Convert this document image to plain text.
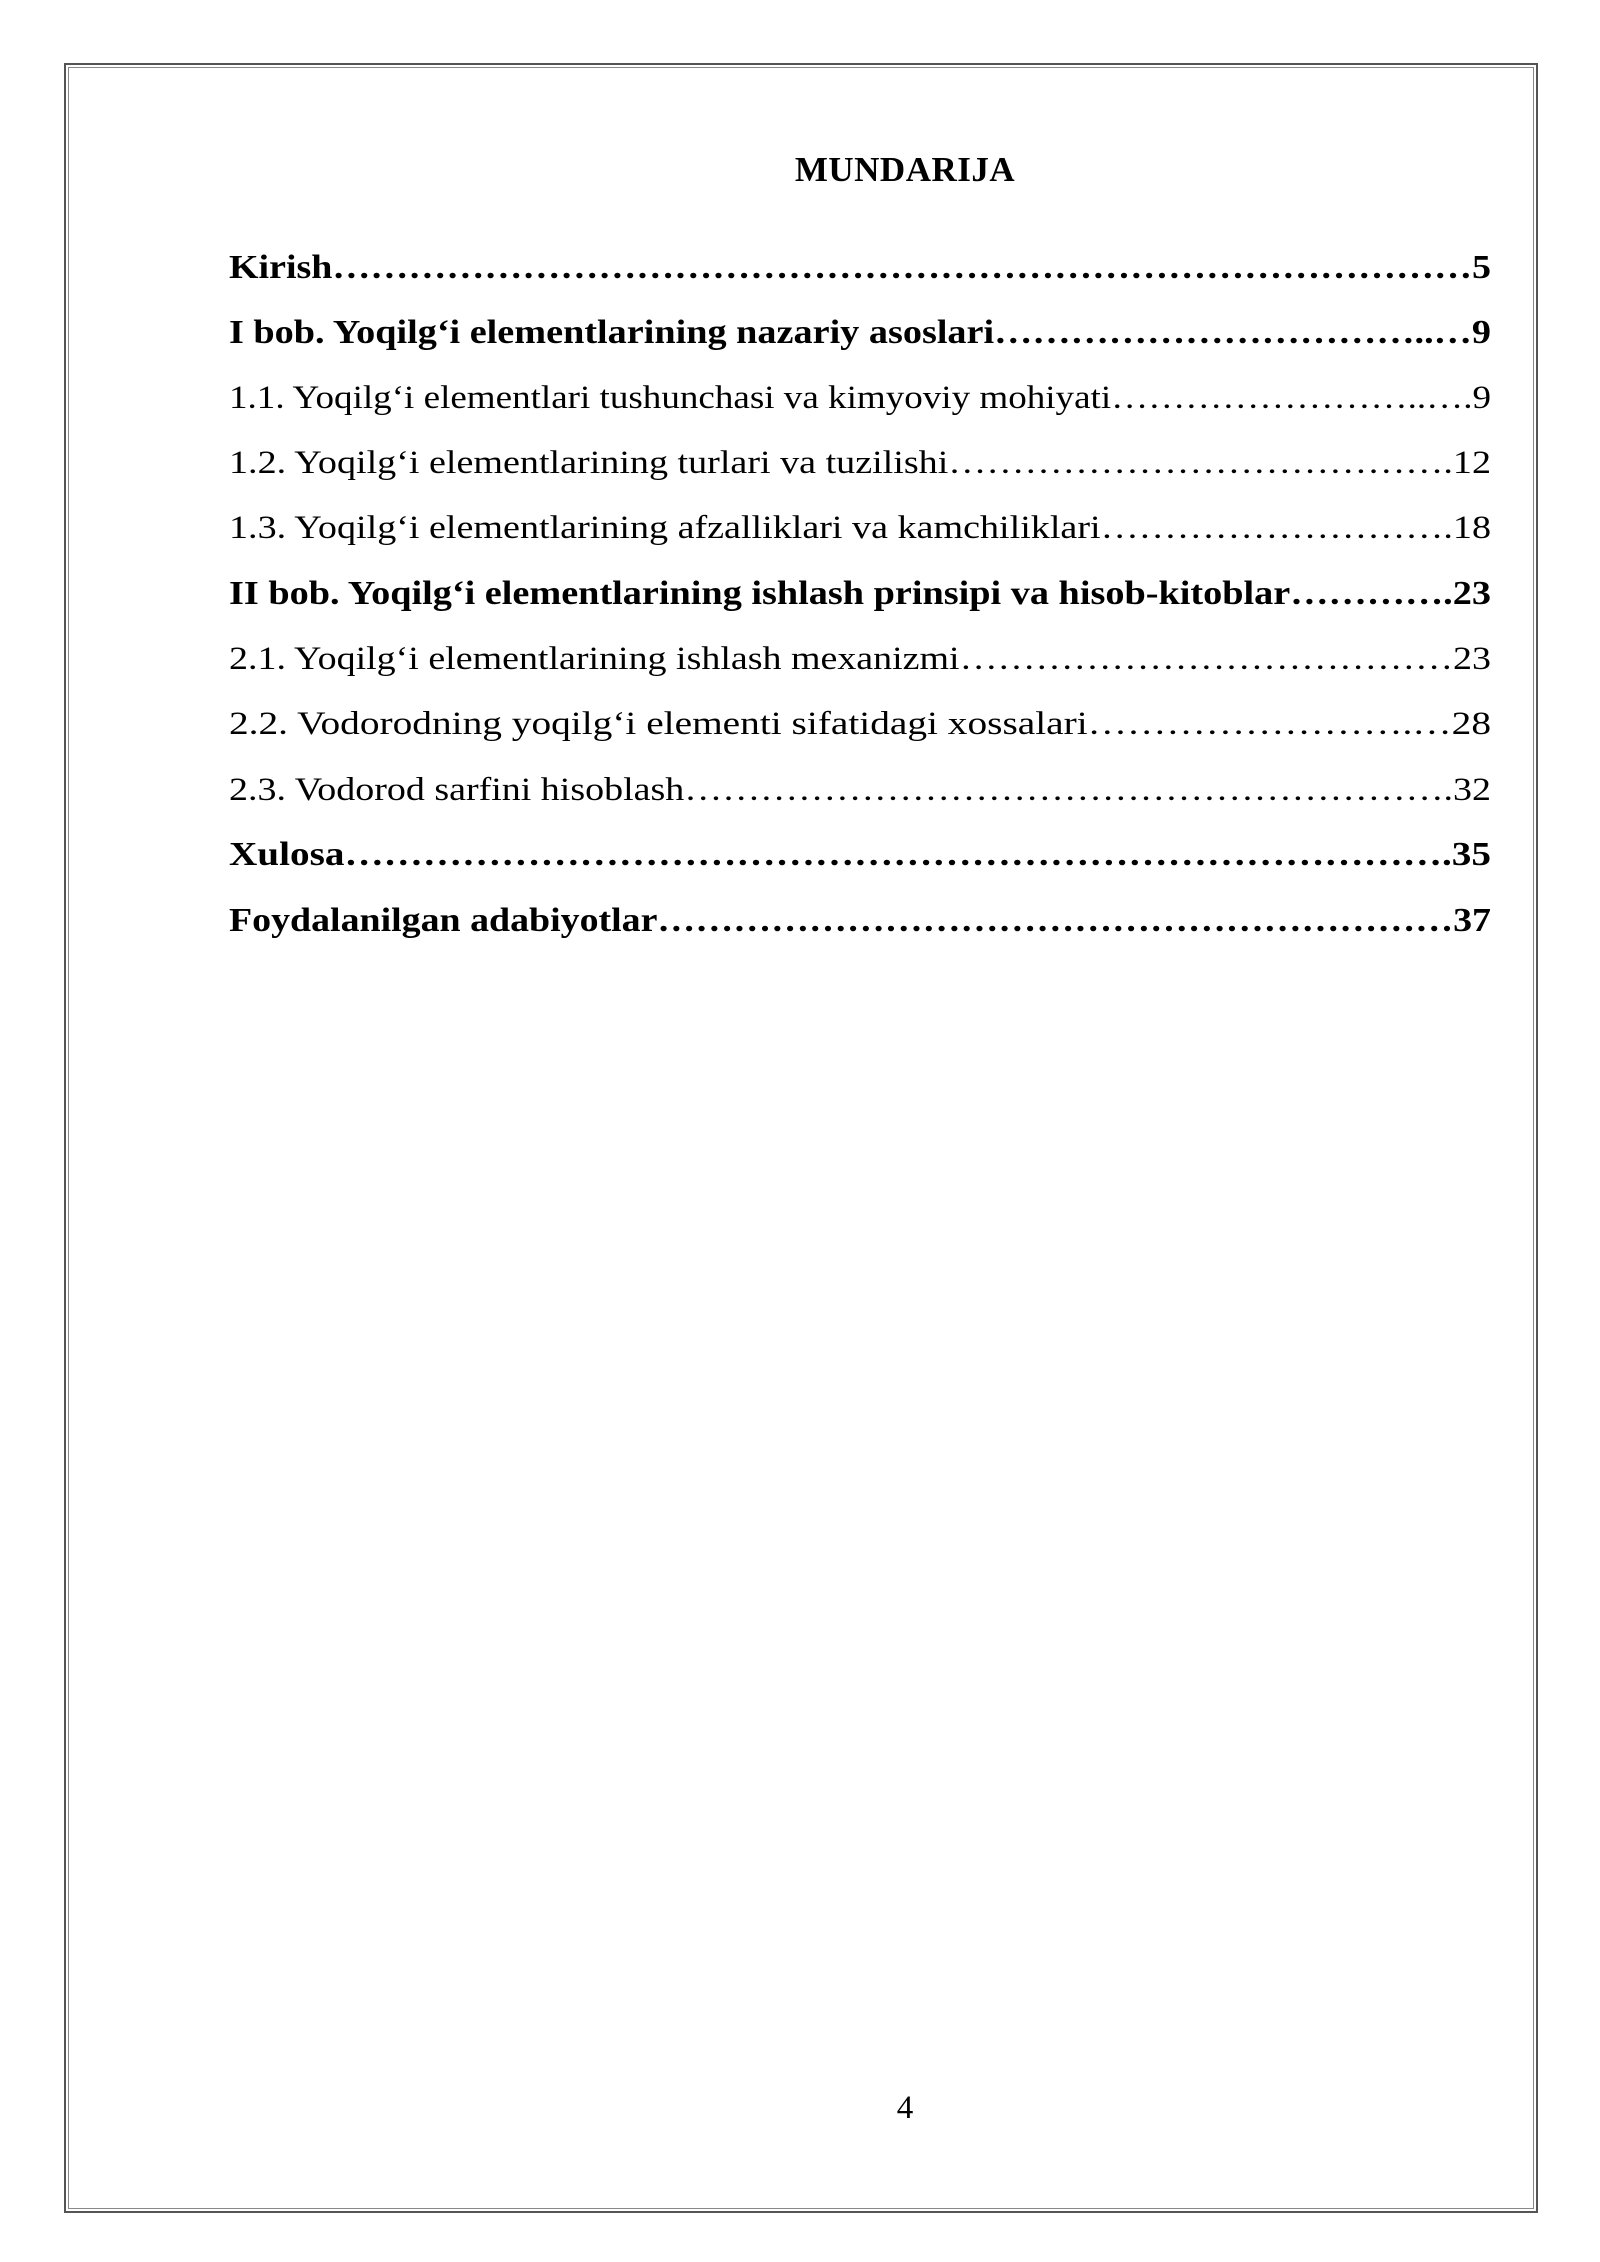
MUNDARIJA
Kirish………………………………………………………………………………5
I bob. Yoqilg‘i elementlarining nazariy asoslari……………………………..…9
1.1. Yoqilg‘i elementlari tushunchasi va kimyoviy mohiyati……………………..….9
1.2. Yoqilg‘i elementlarining turlari va tuzilishi………………………………….12
1.3. Yoqilg‘i elementlarining afzalliklari va kamchiliklari……………………….18
II bob. Yoqilg‘i elementlarining ishlash prinsipi va hisob-kitoblar………….23
2.1. Yoqilg‘i elementlarining ishlash mexanizmi…………………………………23
2.2. Vodorodning yoqilg‘i elementi sifatidagi xossalari…………………….…28
2.3. Vodorod sarfini hisoblash…………………………………………………….32
Xulosa………………………………………………………………………….35
Foydalanilgan adabiyotlar………………………………………………………37
4
